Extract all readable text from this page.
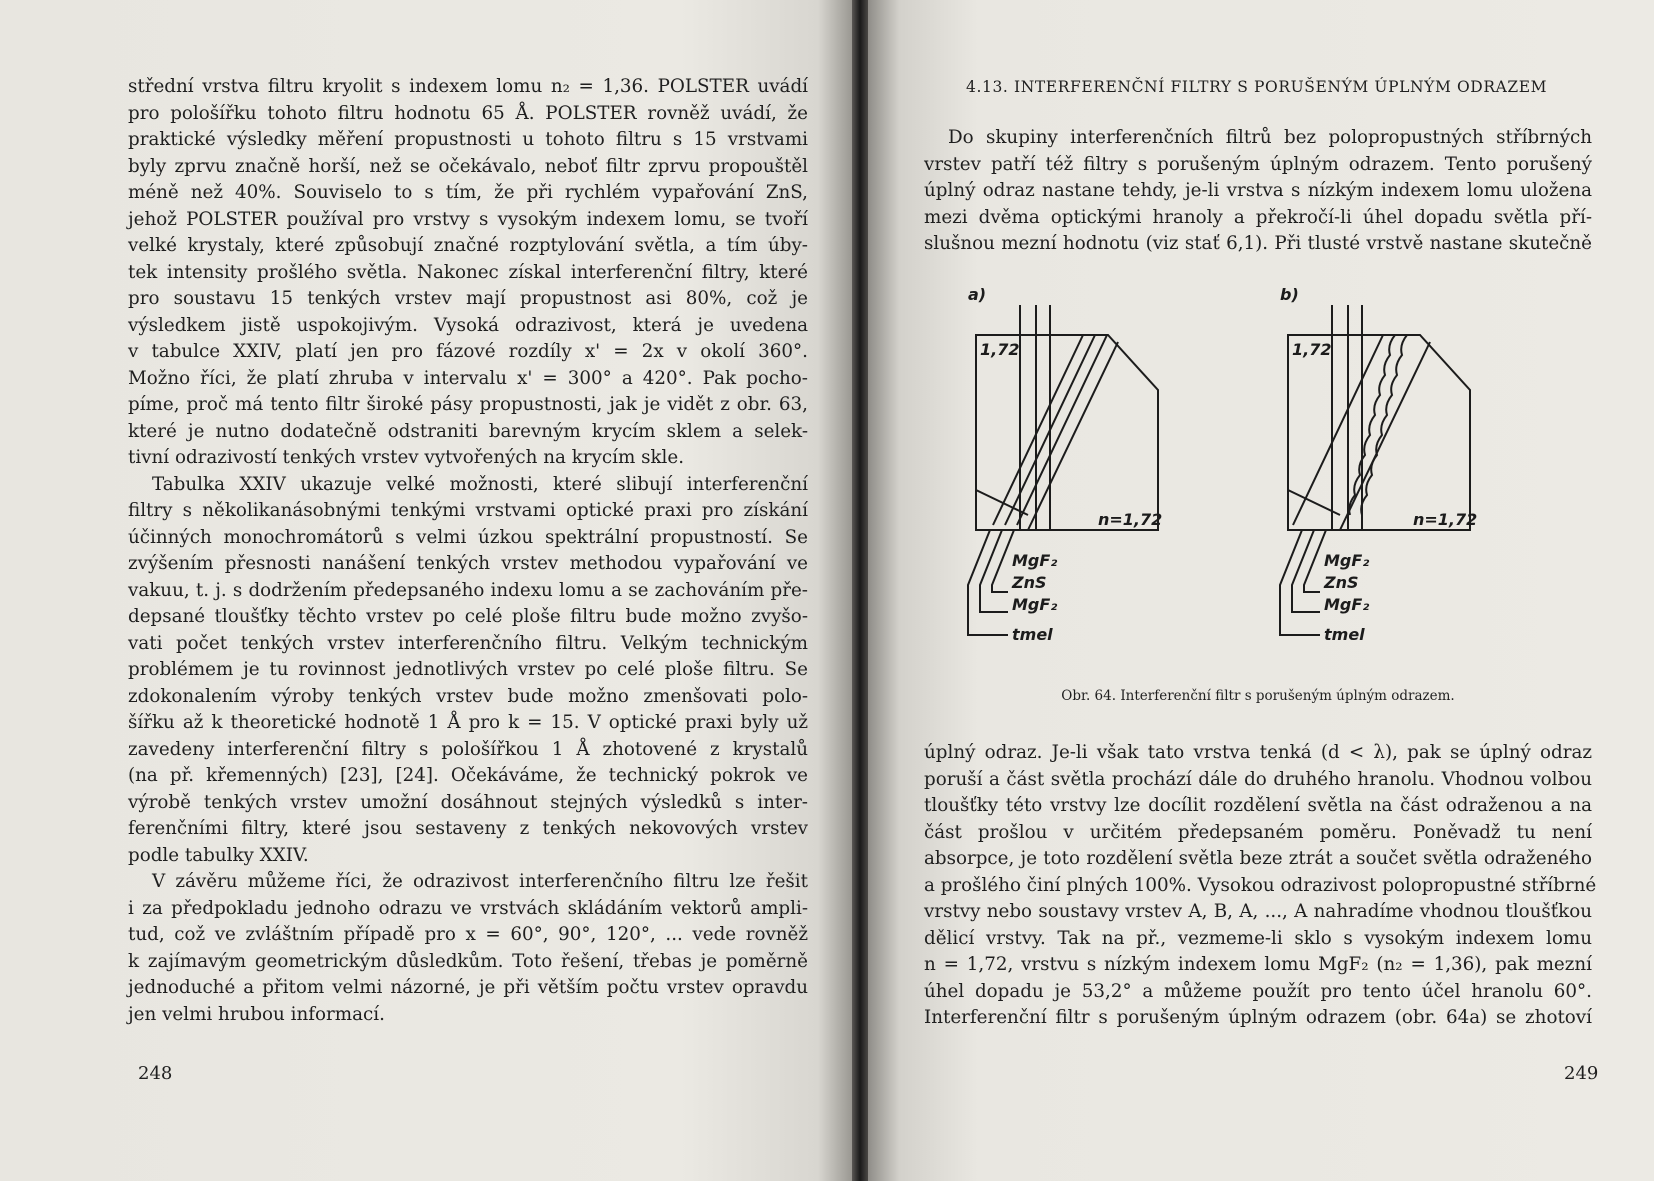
střední vrstva filtru kryolit s indexem lomu n₂ = 1,36. POLSTER uvádí
pro pološířku tohoto filtru hodnotu 65 Å. POLSTER rovněž uvádí, že
praktické výsledky měření propustnosti u tohoto filtru s 15 vrstvami
byly zprvu značně horší, než se očekávalo, neboť filtr zprvu propouštěl
méně než 40%. Souviselo to s tím, že při rychlém vypařování ZnS,
jehož POLSTER používal pro vrstvy s vysokým indexem lomu, se tvoří
velké krystaly, které způsobují značné rozptylování světla, a tím úby-
tek intensity prošlého světla. Nakonec získal interferenční filtry, které
pro soustavu 15 tenkých vrstev mají propustnost asi 80%, což je
výsledkem jistě uspokojivým. Vysoká odrazivost, která je uvedena
v tabulce XXIV, platí jen pro fázové rozdíly x' = 2x v okolí 360°.
Možno říci, že platí zhruba v intervalu x' = 300° a 420°. Pak pocho-
píme, proč má tento filtr široké pásy propustnosti, jak je vidět z obr. 63,
které je nutno dodatečně odstraniti barevným krycím sklem a selek-
tivní odrazivostí tenkých vrstev vytvořených na krycím skle.
Tabulka XXIV ukazuje velké možnosti, které slibují interferenční
filtry s několikanásobnými tenkými vrstvami optické praxi pro získání
účinných monochromátorů s velmi úzkou spektrální propustností. Se
zvýšením přesnosti nanášení tenkých vrstev methodou vypařování ve
vakuu, t. j. s dodržením předepsaného indexu lomu a se zachováním pře-
depsané tloušťky těchto vrstev po celé ploše filtru bude možno zvyšo-
vati počet tenkých vrstev interferenčního filtru. Velkým technickým
problémem je tu rovinnost jednotlivých vrstev po celé ploše filtru. Se
zdokonalením výroby tenkých vrstev bude možno zmenšovati polo-
šířku až k theoretické hodnotě 1 Å pro k = 15. V optické praxi byly už
zavedeny interferenční filtry s pološířkou 1 Å zhotovené z krystalů
(na př. křemenných) [23], [24]. Očekáváme, že technický pokrok ve
výrobě tenkých vrstev umožní dosáhnout stejných výsledků s inter-
ferenčními filtry, které jsou sestaveny z tenkých nekovových vrstev
podle tabulky XXIV.
V závěru můžeme říci, že odrazivost interferenčního filtru lze řešit
i za předpokladu jednoho odrazu ve vrstvách skládáním vektorů ampli-
tud, což ve zvláštním případě pro x = 60°, 90°, 120°, ... vede rovněž
k zajímavým geometrickým důsledkům. Toto řešení, třebas je poměrně
jednoduché a přitom velmi názorné, je při větším počtu vrstev opravdu
jen velmi hrubou informací.
248
4.13. INTERFERENČNÍ FILTRY S PORUŠENÝM ÚPLNÝM ODRAZEM
Do skupiny interferenčních filtrů bez polopropustných stříbrných
vrstev patří též filtry s porušeným úplným odrazem. Tento porušený
úplný odraz nastane tehdy, je-li vrstva s nízkým indexem lomu uložena
mezi dvěma optickými hranoly a překročí-li úhel dopadu světla pří-
slušnou mezní hodnotu (viz stať 6,1). Při tlusté vrstvě nastane skutečně
a)	b)
1,72	1,72
n=1,72	n=1,72
MgF₂
ZnS
MgF₂
tmel
MgF₂
ZnS
MgF₂
tmel
Obr. 64. Interferenční filtr s porušeným úplným odrazem.
úplný odraz. Je-li však tato vrstva tenká (d < λ), pak se úplný odraz
poruší a část světla prochází dále do druhého hranolu. Vhodnou volbou
tloušťky této vrstvy lze docílit rozdělení světla na část odraženou a na
část prošlou v určitém předepsaném poměru. Poněvadž tu není
absorpce, je toto rozdělení světla beze ztrát a součet světla odraženého
a prošlého činí plných 100%. Vysokou odrazivost polopropustné stříbrné
vrstvy nebo soustavy vrstev A, B, A, ..., A nahradíme vhodnou tloušťkou
dělicí vrstvy. Tak na př., vezmeme-li sklo s vysokým indexem lomu
n = 1,72, vrstvu s nízkým indexem lomu MgF₂ (n₂ = 1,36), pak mezní
úhel dopadu je 53,2° a můžeme použít pro tento účel hranolu 60°.
Interferenční filtr s porušeným úplným odrazem (obr. 64a) se zhotoví
249
